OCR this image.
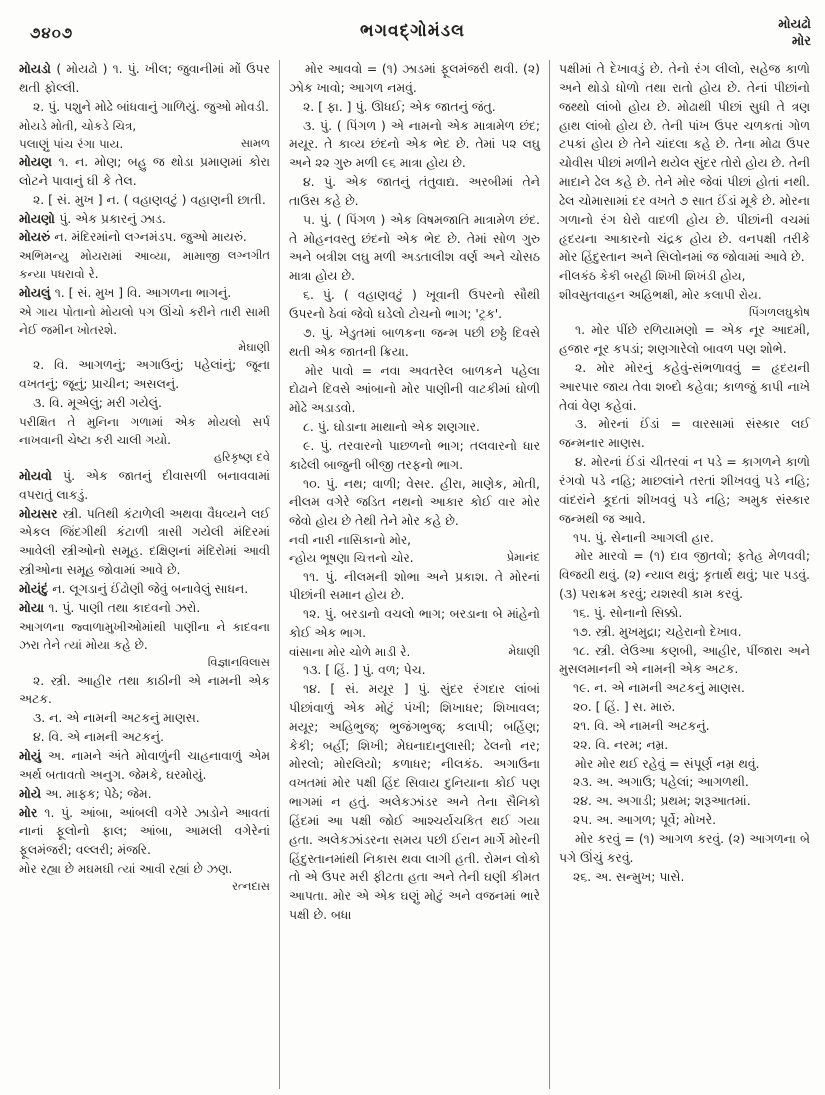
૭૪૦૭	ભગવદ્ગોમંડલ	મોયઢો
મોર

મોયડો ( મોયઢો ) ૧. પું. ખીલ; જુવાનીમાં મોં ઉપર થતી ફોલ્લી.

૨. પું. પશુને મોઢે બાંધવાનું ગાળિયું. જુઓ મોવડી.

મોયડે મોતી, ચોકડે ચિત્ર,

સામળ
પલાણું પાંચ રંગા પાય.

મોયણ ૧. ન. મોણ; બહુ જ થોડા પ્રમાણમાં કોરા લોટને પાવાનું ઘી કે તેલ.

૨. [ સં. મુખ ] ન. ( વહાણવટું ) વહાણની છાતી.

મોયણો પું. એક પ્રકારનું ઝાડ.

મોયરું ન. મંદિરમાંનો લગ્નમંડપ. જુઓ માયરું.

લગ્નગીત
અભિમન્યુ મોયરામાં આવ્યા, મામાજી કન્યા પધરાવો રે.

મોયલું ૧. [ સં. મુખ ] વિ. આગળના ભાગનું.

એ ગાય પોતાનો મોયલો પગ ઊંચો કરીને તારી સામી નેઈ જમીન ખોતરશે.

મેઘાણી

૨. વિ. આગળનું; અગાઉનું; પહેલાંનું; જૂના વખતનું; જૂનું; પ્રાચીન; અસલનું.

૩. વિ. મૂએલું; મરી ગયેલું.

પરીક્ષિત તે મુનિના ગળામાં એક મોયલો સર્પ નાખવાની ચેષ્ટા કરી ચાલી ગયો.

હરિકૃષ્ણ દવે

મોયવો પું. એક જાતનું દીવાસળી બનાવવામાં વપરાતું લાકડું.

મોયસર સ્ત્રી. પતિથી કંટાળેલી અથવા વૈધવ્યને લઈ એકલ જિંદગીથી કંટાળી ત્રાસી ગયેલી મંદિરમાં આવેલી સ્ત્રીઓનો સમૂહ. દક્ષિણનાં મંદિરોમાં આવી સ્ત્રીઓના સમૂહ જોવામાં આવે છે.

મોયંદું ન. લૂગડાનું ઈંઢોણી જેવું બનાવેલું સાધન.

મોયા ૧. પું. પાણી તથા કાદવનો ઝરો.

આગળના જ્વાળામુખીઓમાંથી પાણીના ને કાદવના ઝરા તેને ત્યાં મોયા કહે છે.

વિજ્ઞાનવિલાસ

૨. સ્ત્રી. આહીર તથા કાઠીની એ નામની એક અટક.

૩. ન. એ નામની અટકનું માણસ.

૪. વિ. એ નામની અટકનું.

મોયું અ. નામને અંતે મોવાળુંની ચાહનાવાળું એમ અર્થ બતાવતો અનુગ. જેમકે, ઘરમોયું.

મોયે અ. માફક; પેઠે; જેમ.

મોર ૧. પું. આંબા, આંબલી વગેરે ઝાડોને આવતાં નાનાં ફૂલોનો ફાલ; આંબા, આમલી વગેરેનાં ફૂલમંજરી; વલ્લરી; મંજરિ.

મોર રહ્યા છે મઘમઘી ત્યાં આવી રહ્યાં છે ઝણ.

રત્નદાસ

મોર આવવો = (૧) ઝાડમાં ફૂલમંજરી થવી. (૨) ઝોક ખાવો; આગળ નમવું.

૨. [ ફા. ] પું. ઊધઈ; એક જાતનું જંતુ.

૩. પું. ( પિંગળ ) એ નામનો એક માત્રામેળ છંદ; મયૂર. તે કાવ્ય છંદનો એક ભેદ છે. તેમાં ૫૨ લઘુ અને ૨૨ ગુરુ મળી ૯૬ માત્રા હોય છે.

૪. પું. એક જાતનું તંતુવાદ્ય. અરબીમાં તેને તાઉસ કહે છે.

૫. પું. ( પિંગળ ) એક વિષમજાતિ માત્રામેળ છંદ. તે મોહનવસ્તુ છંદનો એક ભેદ છે. તેમાં સોળ ગુરુ અને બત્રીશ લઘુ મળી અડતાલીશ વર્ણ અને ચોસઠ માત્રા હોય છે.

૬. પું. ( વહાણવટું ) ખૂવાની ઉપરનો સૌથી ઉપરનો ઠેવાં જેવો ઘડેલો ટોચનો ભાગ; 'ટ્રક'.

૭. પું. ખેડુતમાં બાળકના જન્મ પછી છઠ્ઠે દિવસે થતી એક જાતની ક્રિયા.

મોર પાવો = નવા અવતરેલ બાળકને પહેલા દોઢાને દિવસે આંબાનો મોર પાણીની વાટકીમાં ઘોળી મોઢે અડાડવો.

૮. પું. ઘોડાના માથાનો એક શણગાર.

૯. પું. તરવારનો પાછળનો ભાગ; તલવારનો ધાર કાઢેલી બાજુની બીજી તરફનો ભાગ.

૧૦. પું. નથ; વાળી; વેસર. હીરા, માણેક, મોતી, નીલમ વગેરે જડિત નથનો આકાર કોઈ વાર મોર જેવો હોય છે તેથી તેને મોર કહે છે.

નવી નારી નાસિકાનો મોર,

પ્રેમાનંદ
ન્હોય ભૂષણા ચિત્તનો ચોર.

૧૧. પું. નીલમની શોભા અને પ્રકાશ. તે મોરનાં પીછાંની સમાન હોય છે.

૧૨. પું. બરડાનો વચલો ભાગ; બરડાના બે માંહેનો કોઈ એક ભાગ.

મેઘાણી
વાંસાના મોર ચોળે માડી રે.

૧૩. [ હિં. ] પું. વળ; પેચ.

૧૪. [ સં. મયૂર ] પું. સુંદર રંગદાર લાંબાં પીછાંવાળું એક મોટું પંખી; શિખાધર; શિખાવલ; મયૂર; અહિભુજ્; ભુજંગભુજ્; કલાપી; બર્હિણ; કેકી; બર્હી; શિખી; મેઘનાદાનુલાસી; ઢેલનો નર; મોરલો; મોરલિયો; કળાધર; નીલકંઠ. અગાઉના વખતમાં મોર પક્ષી હિંદ સિવાય દુનિયાના કોઈ પણ ભાગમાં ન હતું. અલેકઝાંડર અને તેના સૈનિકો હિંદમાં આ પક્ષી જોઈ આશ્ચર્યચકિત થઈ ગયા હતા. અલેકઝાંડરના સમય પછી ઈરાન માર્ગે મોરની હિંદુસ્તાનમાંથી નિકાસ થવા લાગી હતી. રોમન લોકો તો એ ઉપર મરી ફીટતા હતા અને તેની ઘણી કીમત આપતા. મોર એ એક ઘણું મોટું અને વજનમાં ભારે પક્ષી છે. બધા

પક્ષીમાં તે દેખાવડું છે. તેનો રંગ લીલો, સહેજ કાળો અને થોડો ધોળો તથા રાતો હોય છે. તેનાં પીછાંનો જથ્થો લાંબો હોય છે. મોઢાથી પીછાં સુધી તે ત્રણ હાથ લાંબો હોય છે. તેની પાંખ ઉપર ચળકતાં ગોળ ટપકાં હોય છે તેને ચાંદલા કહે છે. તેના મોઢા ઉપર ચોવીસ પીછાં મળીને થયેલ સુંદર તોરો હોય છે. તેની માદાને ઢેલ કહે છે. તેને મોર જેવાં પીછાં હોતાં નથી. ઢેલ ચોમાસામાં દર વખતે ૭ સાત ઈંડાં મૂકે છે. મોરના ગળાનો રંગ ઘેરો વાદળી હોય છે. પીછાંની વચમાં હૃદયના આકારનો ચંદ્રક હોય છે. વનપક્ષી તરીકે મોર હિંદુસ્તાન અને સિલોનમાં જ જોવામાં આવે છે.

નીલકંઠ કેકી બરહી શિખી શિખંડી હોય,

શીવસુતવાહન અહિભક્ષી, મોર કલાપી રોય.

પિંગળલઘુકોષ

૧. મોર પીંછે રળિયામણો = એક નૂર આદમી, હજાર નૂર કપડાં; શણગારેલો બાવળ પણ શોભે.

૨. મોર મોરનું કહેવું-સંભળાવવું = હૃદયની આરપાર જાય તેવા શબ્દો કહેવા; કાળજું કાપી નાખે તેવાં વેણ કહેવાં.

૩. મોરનાં ઈંડાં = વારસામાં સંસ્કાર લઈ જન્મનાર માણસ.

૪. મોરનાં ઈંડાં ચીતરવાં ન પડે = કાગળને કાળો રંગવો પડે નહિ; માછલાંને તરતાં શીખવવું પડે નહિ; વાંદરાંને કૂદતાં શીખવવું પડે નહિ; અમુક સંસ્કાર જન્મથી જ આવે.

૧૫. પું. સેનાની આગલી હાર.

મોર મારવો = (૧) દાવ જીતવો; ફતેહ મેળવવી; વિજયી થવું. (૨) ન્યાલ થવું; કૃતાર્થ થવું; પાર પડવું. (૩) પરાક્રમ કરવું; યશસ્વી કામ કરવું.

૧૬. પું. સોનાનો સિક્કો.

૧૭. સ્ત્રી. મુખમુદ્રા; ચહેરાનો દેખાવ.

૧૮. સ્ત્રી. લેઉઆ કણબી, આહીર, પીંજારા અને મુસલમાનની એ નામની એક અટક.

૧૯. ન. એ નામની અટકનું માણસ.

૨૦. [ હિં. ] સ. મારું.

૨૧. વિ. એ નામની અટકનું.

૨૨. વિ. નરમ; નમ્ર.

મોર મોર થઈ રહેવું = સંપૂર્ણ નમ્ર થવું.

૨૩. અ. અગાઉ; પહેલાં; આગળથી.

૨૪. અ. અગાડી; પ્રથમ; શરૂઆતમાં.

૨૫. અ. આગળ; પૂર્વે; મોખરે.

મોર કરવું = (૧) આગળ કરવું. (૨) આગળના બે પગે ઊંચું કરવું.

૨૬. અ. સન્મુખ; પાસે.
